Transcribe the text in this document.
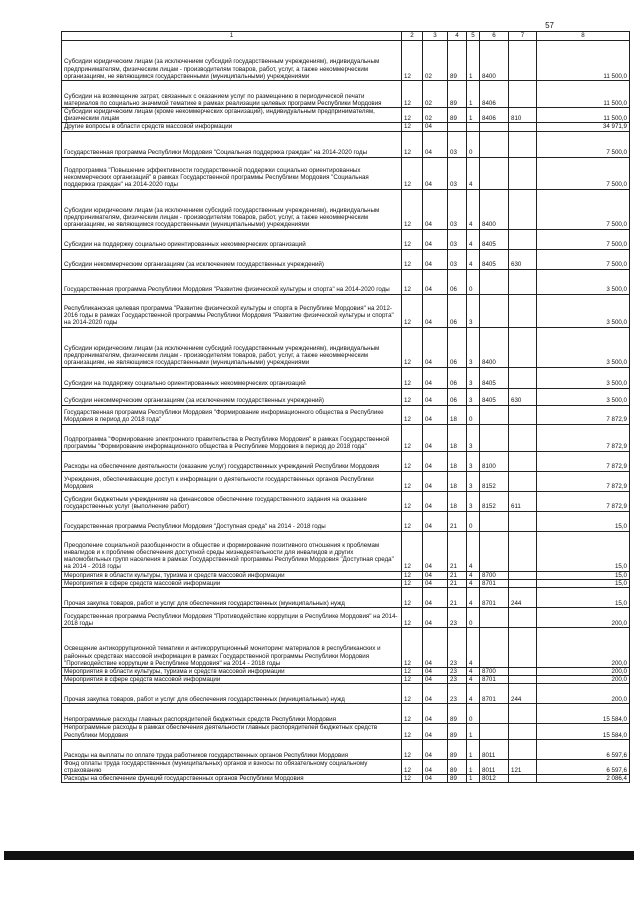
57
1	2	3	4	5	6	7	8
Субсидии юридическим лицам (за исключением субсидий государственным учреждениям), индивидуальным предпринимателям, физическим лицам - производителям товаров, работ, услуг, а также некоммерческим организациям, не являющимся государственными (муниципальными) учреждениями	12	02	89	1	8400		11 500,0
Субсидии на возмещение затрат, связанных с оказанием услуг по размещению в периодической печати материалов по социально значимой тематике в рамках реализации целевых программ Республики Мордовия	12	02	89	1	8406		11 500,0
Субсидии юридическим лицам (кроме некоммерческих организаций), индивидуальным предпринимателям, физическим лицам	12	02	89	1	8406	810	11 500,0
Другие вопросы в области средств массовой информации	12	04					34 971,9
Государственная программа Республики Мордовия "Социальная поддержка граждан" на 2014-2020 годы	12	04	03	0			7 500,0
Подпрограмма "Повышение эффективности государственной поддержки социально ориентированных некоммерческих организаций" в рамках Государственной программы Республики Мордовия "Социальная поддержка граждан" на 2014-2020 годы	12	04	03	4			7 500,0
Субсидии юридическим лицам (за исключением субсидий государственным учреждениям), индивидуальным предпринимателям, физическим лицам - производителям товаров, работ, услуг, а также некоммерческим организациям, не являющимся государственными (муниципальными) учреждениями	12	04	03	4	8400		7 500,0
Субсидии на поддержку социально ориентированных некоммерческих организаций	12	04	03	4	8405		7 500,0
Субсидии некоммерческим организациям (за исключением государственных учреждений)	12	04	03	4	8405	630	7 500,0
Государственная программа Республики Мордовия "Развитие физической культуры и спорта" на 2014-2020 годы	12	04	06	0			3 500,0
Республиканская целевая программа "Развитие физической культуры и спорта в Республике Мордовия" на 2012-2016 годы в рамках Государственной программы Республики Мордовия "Развитие физической культуры и спорта" на 2014-2020 годы	12	04	06	3			3 500,0
Субсидии юридическим лицам (за исключением субсидий государственным учреждениям), индивидуальным предпринимателям, физическим лицам - производителям товаров, работ, услуг, а также некоммерческим организациям, не являющимся государственными (муниципальными) учреждениями	12	04	06	3	8400		3 500,0
Субсидии на поддержку социально ориентированных некоммерческих организаций	12	04	06	3	8405		3 500,0
Субсидии некоммерческим организациям (за исключением государственных учреждений)	12	04	06	3	8405	630	3 500,0
Государственная программа Республики Мордовия "Формирование информационного общества в Республике Мордовия в период до 2018 года"	12	04	18	0			7 872,9
Подпрограмма "Формирование электронного правительства в Республике Мордовия" в рамках Государственной программы "Формирование информационного общества в Республике Мордовия в период до 2018 года"	12	04	18	3			7 872,9
Расходы на обеспечение деятельности (оказание услуг) государственных учреждений Республики Мордовия	12	04	18	3	8100		7 872,9
Учреждения, обеспечивающие доступ к информации о деятельности государственных органов Республики Мордовия	12	04	18	3	8152		7 872,9
Субсидии бюджетным учреждениям на финансовое обеспечение государственного задания на оказание государственных услуг (выполнение работ)	12	04	18	3	8152	611	7 872,9
Государственная программа Республики Мордовия "Доступная среда" на 2014 - 2018 годы	12	04	21	0			15,0
Преодоление социальной разобщенности в обществе и формирование позитивного отношения к проблемам инвалидов и к проблеме обеспечения доступной среды жизнедеятельности для инвалидов и других маломобильных групп населения в рамках Государственной программы Республики Мордовия "Доступная среда" на 2014 - 2018 годы	12	04	21	4			15,0
Мероприятия в области культуры, туризма и средств массовой информации	12	04	21	4	8700		15,0
Мероприятия в сфере средств массовой информации	12	04	21	4	8701		15,0
Прочая закупка товаров, работ и услуг для обеспечения государственных (муниципальных) нужд	12	04	21	4	8701	244	15,0
Государственная программа Республики Мордовия "Противодействие коррупции в Республике Мордовия" на 2014-2018 годы	12	04	23	0			200,0
Освещение антикоррупционной тематики и антикоррупционный мониторинг материалов в республиканских и районных средствах массовой информации в рамках Государственной программы Республики Мордовия "Противодействие коррупции в Республике Мордовия" на 2014 - 2018 годы	12	04	23	4			200,0
Мероприятия в области культуры, туризма и средств массовой информации	12	04	23	4	8700		200,0
Мероприятия в сфере средств массовой информации	12	04	23	4	8701		200,0
Прочая закупка товаров, работ и услуг для обеспечения государственных (муниципальных) нужд	12	04	23	4	8701	244	200,0
Непрограммные расходы главных распорядителей бюджетных средств Республики Мордовия	12	04	89	0			15 584,0
Непрограммные расходы в рамках обеспечения деятельности главных распорядителей бюджетных средств Республики Мордовия	12	04	89	1			15 584,0
Расходы на выплаты по оплате труда работников государственных органов Республики Мордовия	12	04	89	1	8011		6 597,6
Фонд оплаты труда государственных (муниципальных) органов и взносы по обязательному социальному страхованию	12	04	89	1	8011	121	6 597,6
Расходы на обеспечение функций государственных органов Республики Мордовия	12	04	89	1	8012		2 086,4
